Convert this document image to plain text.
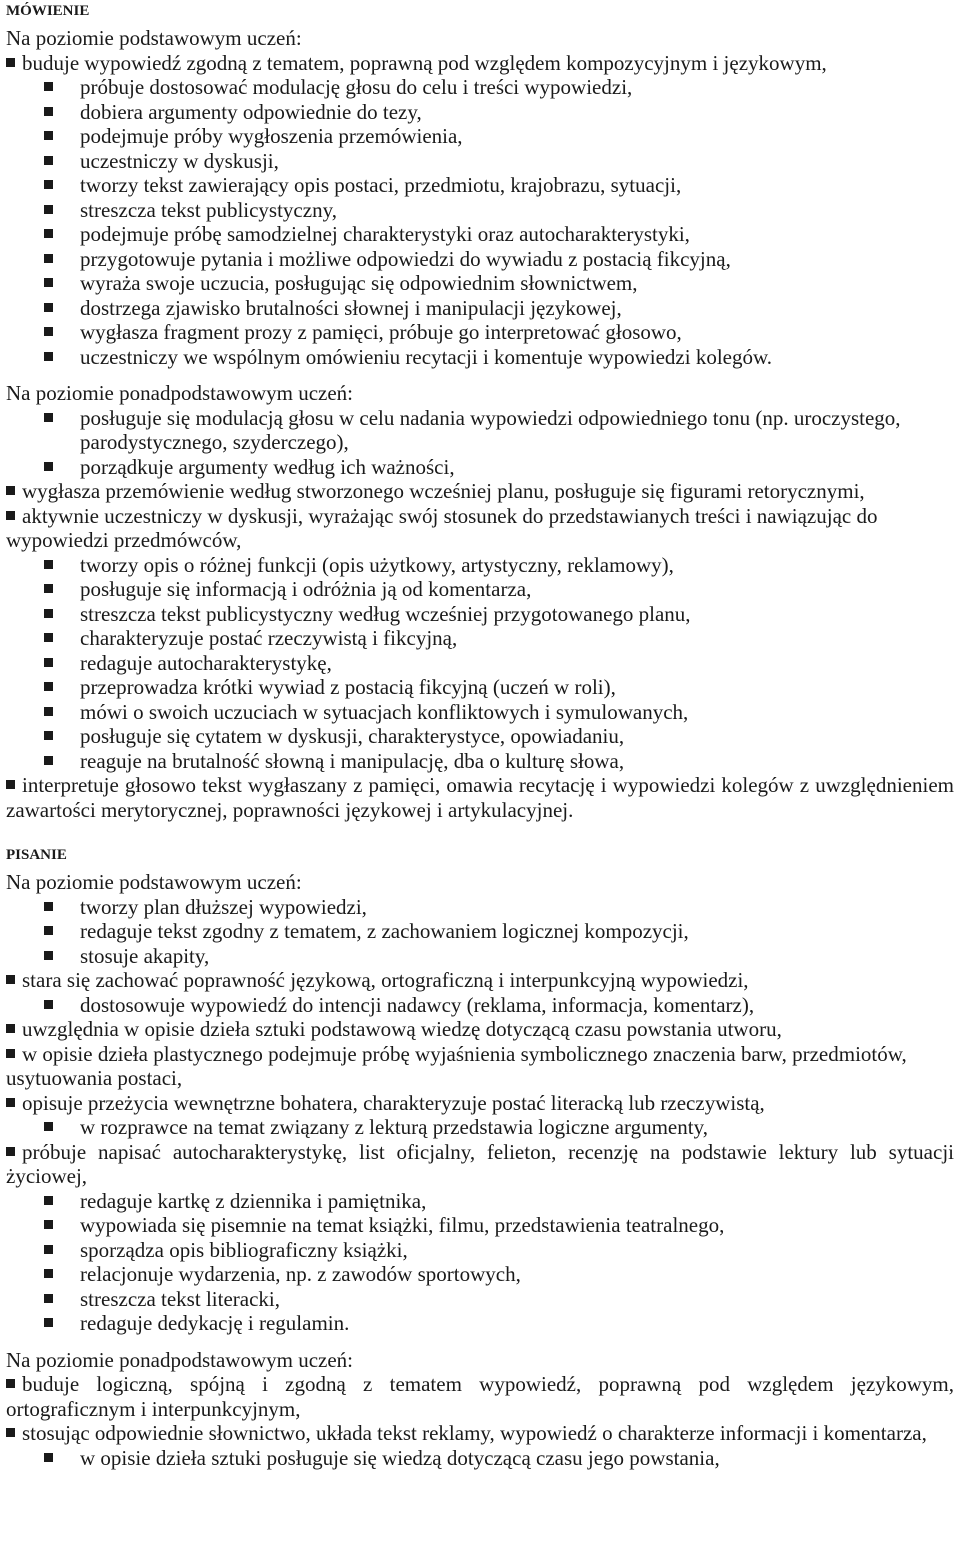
MÓWIENIE
Na poziomie podstawowym uczeń:
buduje wypowiedź zgodną z tematem, poprawną pod względem kompozycyjnym i językowym,
próbuje dostosować modulację głosu do celu i treści wypowiedzi,
dobiera argumenty odpowiednie do tezy,
podejmuje próby wygłoszenia przemówienia,
uczestniczy w dyskusji,
tworzy tekst zawierający opis postaci, przedmiotu, krajobrazu, sytuacji,
streszcza tekst publicystyczny,
podejmuje próbę samodzielnej charakterystyki oraz autocharakterystyki,
przygotowuje pytania i możliwe odpowiedzi do wywiadu z postacią fikcyjną,
wyraża swoje uczucia, posługując się odpowiednim słownictwem,
dostrzega zjawisko brutalności słownej i manipulacji językowej,
wygłasza fragment prozy z pamięci, próbuje go interpretować głosowo,
uczestniczy we wspólnym omówieniu recytacji i komentuje wypowiedzi kolegów.
Na poziomie ponadpodstawowym uczeń:
posługuje się modulacją głosu w celu nadania wypowiedzi odpowiedniego tonu (np. uroczystego, parodystycznego, szyderczego),
porządkuje argumenty według ich ważności,
wygłasza przemówienie według stworzonego wcześniej planu, posługuje się figurami retorycznymi,
aktywnie uczestniczy w dyskusji, wyrażając swój stosunek do przedstawianych treści i nawiązując do wypowiedzi przedmówców,
tworzy opis o różnej funkcji (opis użytkowy, artystyczny, reklamowy),
posługuje się informacją i odróżnia ją od komentarza,
streszcza tekst publicystyczny według wcześniej przygotowanego planu,
charakteryzuje postać rzeczywistą i fikcyjną,
redaguje autocharakterystykę,
przeprowadza krótki wywiad z postacią fikcyjną (uczeń w roli),
mówi o swoich uczuciach w sytuacjach konfliktowych i symulowanych,
posługuje się cytatem w dyskusji, charakterystyce, opowiadaniu,
reaguje na brutalność słowną i manipulację, dba o kulturę słowa,
interpretuje głosowo tekst wygłaszany z pamięci, omawia recytację i wypowiedzi kolegów z uwzględnieniem zawartości merytorycznej, poprawności językowej i artykulacyjnej.
PISANIE
Na poziomie podstawowym uczeń:
tworzy plan dłuższej wypowiedzi,
redaguje tekst zgodny z tematem, z zachowaniem logicznej kompozycji,
stosuje akapity,
stara się zachować poprawność językową, ortograficzną i interpunkcyjną wypowiedzi,
dostosowuje wypowiedź do intencji nadawcy (reklama, informacja, komentarz),
uwzględnia w opisie dzieła sztuki podstawową wiedzę dotyczącą czasu powstania utworu,
w opisie dzieła plastycznego podejmuje próbę wyjaśnienia symbolicznego znaczenia barw, przedmiotów, usytuowania postaci,
opisuje przeżycia wewnętrzne bohatera, charakteryzuje postać literacką lub rzeczywistą,
w rozprawce na temat związany z lekturą przedstawia logiczne argumenty,
próbuje napisać autocharakterystykę, list oficjalny, felieton, recenzję na podstawie lektury lub sytuacji życiowej,
redaguje kartkę z dziennika i pamiętnika,
wypowiada się pisemnie na temat książki, filmu, przedstawienia teatralnego,
sporządza opis bibliograficzny książki,
relacjonuje wydarzenia, np. z zawodów sportowych,
streszcza tekst literacki,
redaguje dedykację i regulamin.
Na poziomie ponadpodstawowym uczeń:
buduje logiczną, spójną i zgodną z tematem wypowiedź, poprawną pod względem językowym, ortograficznym i interpunkcyjnym,
stosując odpowiednie słownictwo, układa tekst reklamy, wypowiedź o charakterze informacji i komentarza,
w opisie dzieła sztuki posługuje się wiedzą dotyczącą czasu jego powstania,
